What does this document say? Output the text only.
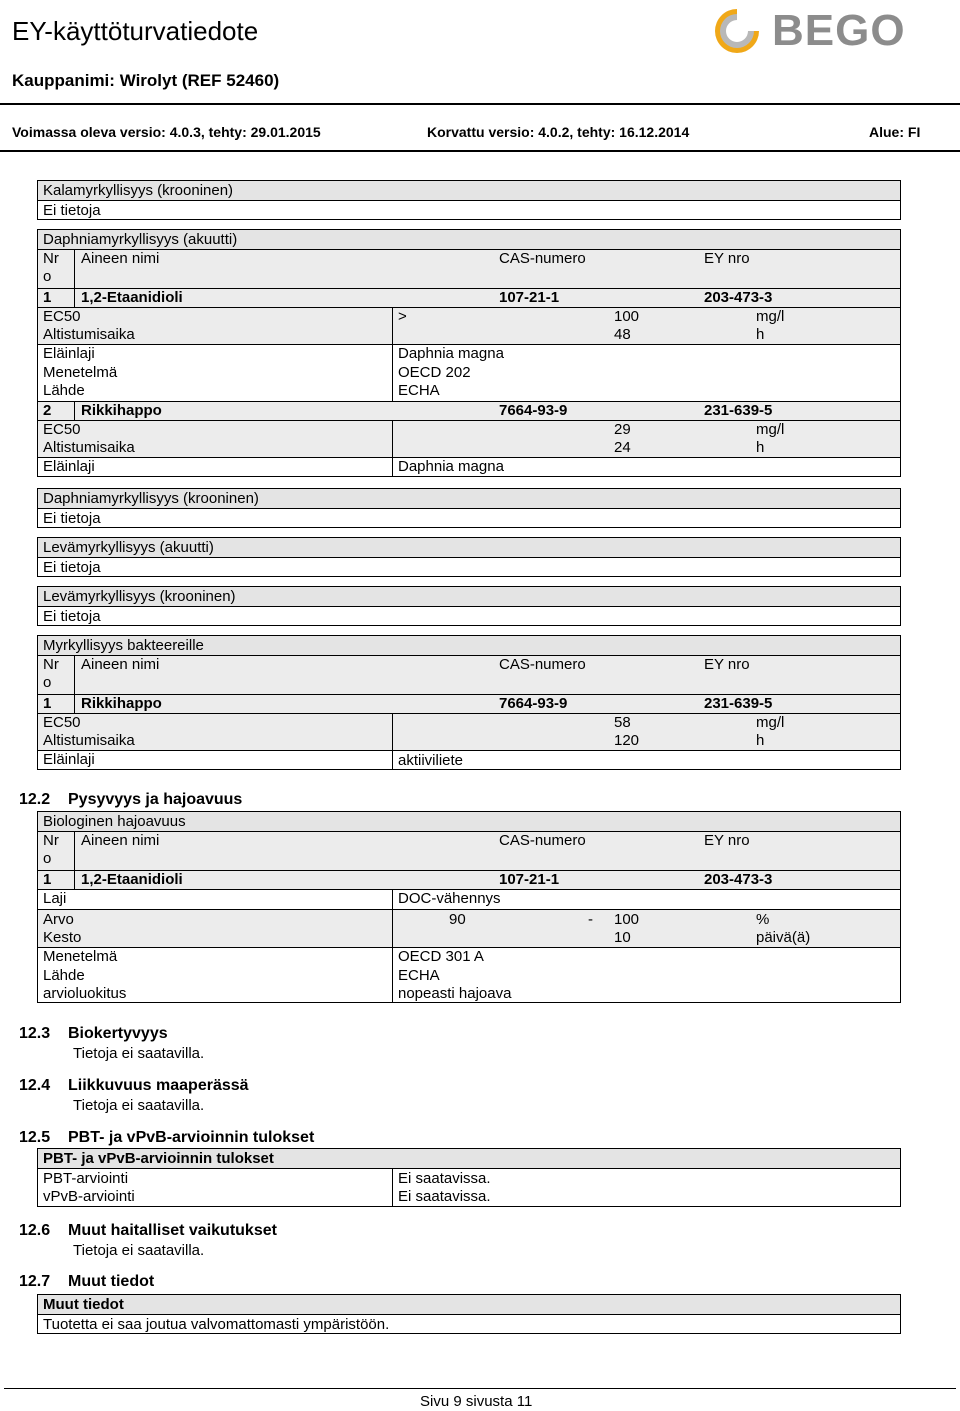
EY-käyttöturvatiedote	BEGO
Kauppanimi: Wirolyt (REF 52460)
Voimassa oleva versio: 4.0.3, tehty: 29.01.2015	Korvattu versio: 4.0.2, tehty: 16.12.2014	Alue: FI
Kalamyrkyllisyys (krooninen)
Ei tietoja
Daphniamyrkyllisyys (akuutti)
Nr
o
Aineen nimi	CAS-numero	EY nro
1 1,2-Etaanidioli	107-21-1	203-473-3
EC50	>	100	mg/l
Altistumisaika	48	h
Eläinlaji	Daphnia magna
Menetelmä	OECD 202
Lähde	ECHA
2 Rikkihappo	7664-93-9	231-639-5
EC50	29	mg/l
Altistumisaika	24	h
Eläinlaji	Daphnia magna
Daphniamyrkyllisyys (krooninen)
Ei tietoja
Levämyrkyllisyys (akuutti)
Ei tietoja
Levämyrkyllisyys (krooninen)
Ei tietoja
Myrkyllisyys bakteereille
Nr
o
Aineen nimi	CAS-numero	EY nro
1 Rikkihappo	7664-93-9	231-639-5
EC50	58	mg/l
Altistumisaika	120	h
Eläinlaji	aktiiviliete
12.2 Pysyvyys ja hajoavuus
Biologinen hajoavuus
Nr
o
Aineen nimi	CAS-numero	EY nro
1 1,2-Etaanidioli	107-21-1	203-473-3
Laji	DOC-vähennys
Arvo	90	- 100	%
Kesto	10	päivä(ä)
Menetelmä	OECD 301 A
Lähde	ECHA
arvioluokitus	nopeasti hajoava
12.3 Biokertyvyys
Tietoja ei saatavilla.
12.4 Liikkuvuus maaperässä
Tietoja ei saatavilla.
12.5 PBT- ja vPvB-arvioinnin tulokset
PBT- ja vPvB-arvioinnin tulokset
PBT-arviointi	Ei saatavissa.
vPvB-arviointi	Ei saatavissa.
12.6 Muut haitalliset vaikutukset
Tietoja ei saatavilla.
12.7 Muut tiedot
Muut tiedot
Tuotetta ei saa joutua valvomattomasti ympäristöön.
Sivu 9 sivusta 11
